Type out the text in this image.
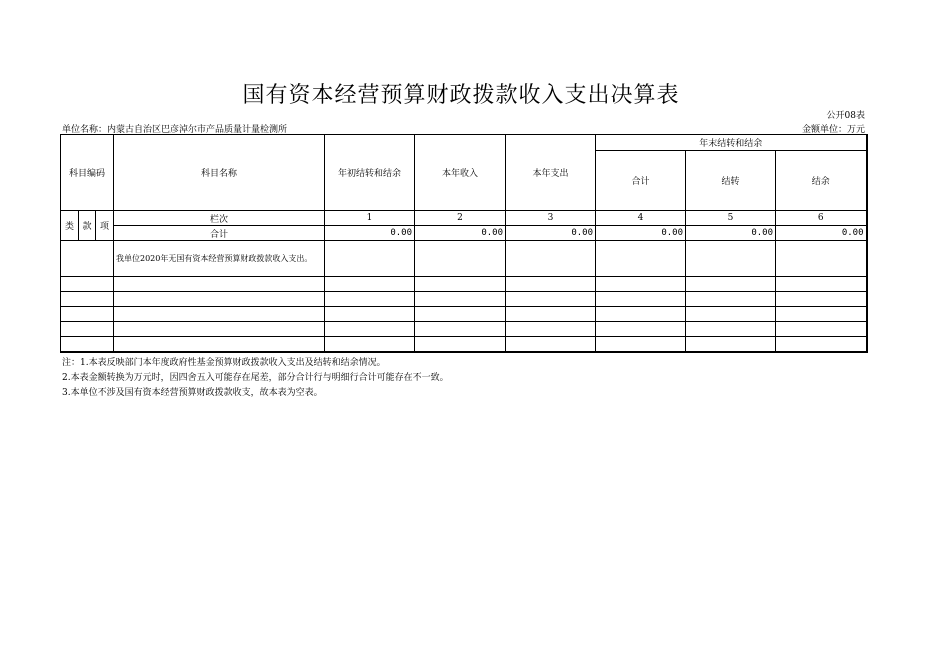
国有资本经营预算财政拨款收入支出决算表
公开08表
单位名称：内蒙古自治区巴彦淖尔市产品质量计量检测所	金额单位：万元
科目编码			科目名称	年初结转和结余	本年收入	本年支出	年末结转和结余		
							合计	结转	结余

类	款	项	栏次	1	2	3	4	5	6
			合计	0.00	0.00	0.00	0.00	0.00	0.00
			我单位2020年无国有资本经营预算财政拨款收入支出。						

注：1.本表反映部门本年度政府性基金预算财政拨款收入支出及结转和结余情况。
2.本表金额转换为万元时，因四舍五入可能存在尾差，部分合计行与明细行合计可能存在不一致。
3.本单位不涉及国有资本经营预算财政拨款收支，故本表为空表。
